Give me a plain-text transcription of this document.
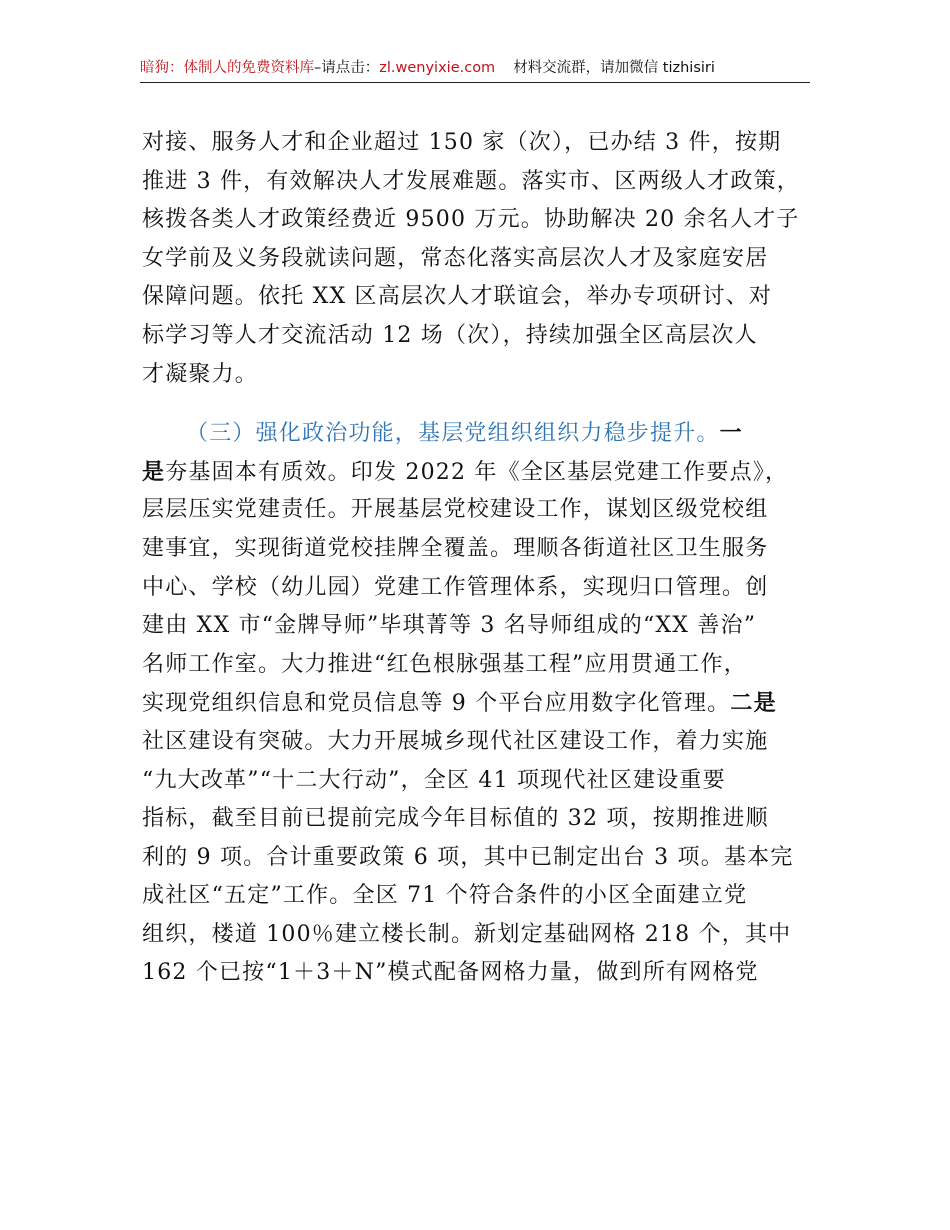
暗狗：体制人的免费资料库–请点击：zl.wenyixie.com 材料交流群，请加微信 tizhisiri
对接、服务人才和企业超过 150 家（次），已办结 3 件，按期
推进 3 件，有效解决人才发展难题。落实市、区两级人才政策，
核拨各类人才政策经费近 9500 万元。协助解决 20 余名人才子
女学前及义务段就读问题，常态化落实高层次人才及家庭安居
保障问题。依托 XX 区高层次人才联谊会，举办专项研讨、对
标学习等人才交流活动 12 场（次），持续加强全区高层次人
才凝聚力。
（三）强化政治功能，基层党组织组织力稳步提升。一
是夯基固本有质效。印发 2022 年《全区基层党建工作要点》，
层层压实党建责任。开展基层党校建设工作，谋划区级党校组
建事宜，实现街道党校挂牌全覆盖。理顺各街道社区卫生服务
中心、学校（幼儿园）党建工作管理体系，实现归口管理。创
建由 XX 市“金牌导师”毕琪菁等 3 名导师组成的“XX 善治”
名师工作室。大力推进“红色根脉强基工程”应用贯通工作，
实现党组织信息和党员信息等 9 个平台应用数字化管理。二是
社区建设有突破。大力开展城乡现代社区建设工作，着力实施
“九大改革”“十二大行动”，全区 41 项现代社区建设重要
指标，截至目前已提前完成今年目标值的 32 项，按期推进顺
利的 9 项。合计重要政策 6 项，其中已制定出台 3 项。基本完
成社区“五定”工作。全区 71 个符合条件的小区全面建立党
组织，楼道 100％建立楼长制。新划定基础网格 218 个，其中
162 个已按“1＋3＋N”模式配备网格力量，做到所有网格党
